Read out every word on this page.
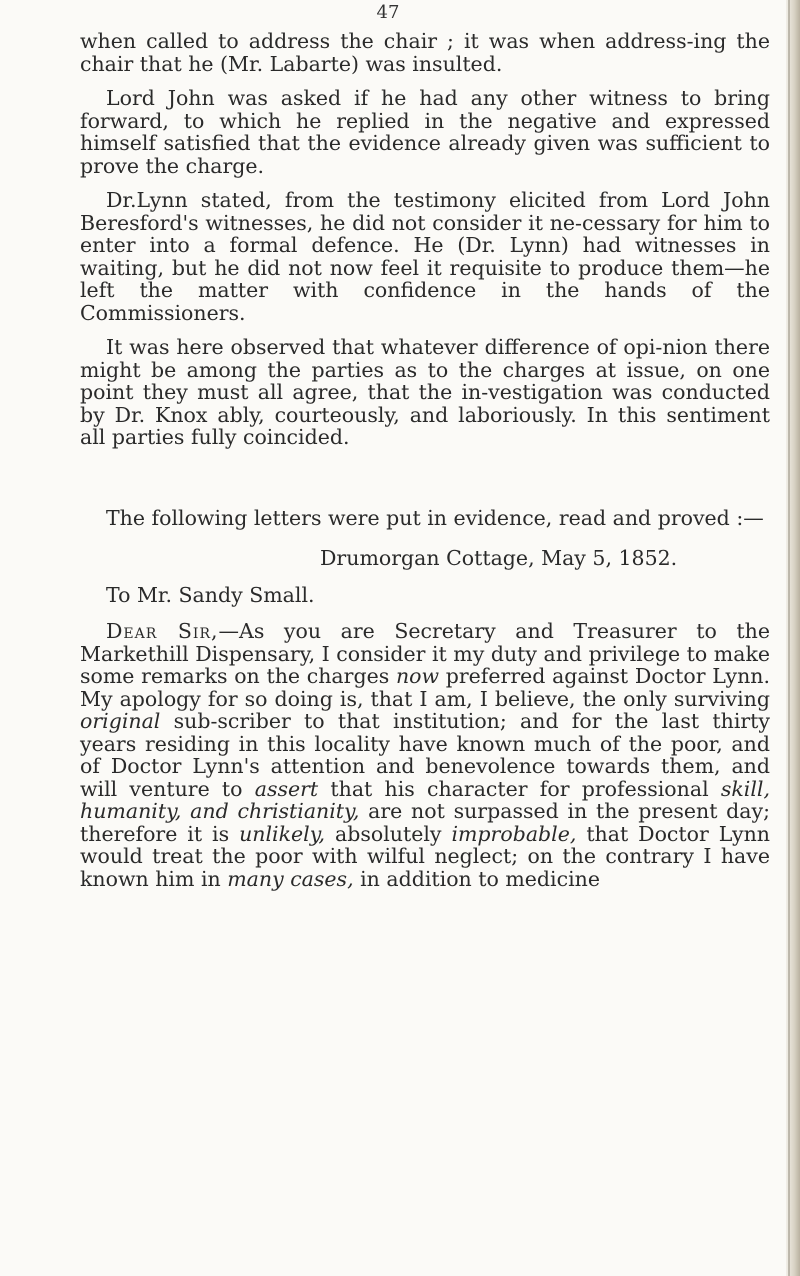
47

when called to address the chair ; it was when address-ing the chair that he (Mr. Labarte) was insulted.

Lord John was asked if he had any other witness to bring forward, to which he replied in the negative and expressed himself satisfied that the evidence already given was sufficient to prove the charge.

Dr.Lynn stated, from the testimony elicited from Lord John Beresford's witnesses, he did not consider it ne-cessary for him to enter into a formal defence. He (Dr. Lynn) had witnesses in waiting, but he did not now feel it requisite to produce them—he left the matter with confidence in the hands of the Commissioners.

It was here observed that whatever difference of opi-nion there might be among the parties as to the charges at issue, on one point they must all agree, that the in-vestigation was conducted by Dr. Knox ably, courteously, and laboriously. In this sentiment all parties fully coincided.

The following letters were put in evidence, read and proved :—

Drumorgan Cottage, May 5, 1852.

To Mr. Sandy Small.

Dear Sir,—As you are Secretary and Treasurer to the Markethill Dispensary, I consider it my duty and privilege to make some remarks on the charges now preferred against Doctor Lynn. My apology for so doing is, that I am, I believe, the only surviving original sub-scriber to that institution; and for the last thirty years residing in this locality have known much of the poor, and of Doctor Lynn's attention and benevolence towards them, and will venture to assert that his character for professional skill, humanity, and christianity, are not surpassed in the present day; therefore it is unlikely, absolutely improbable, that Doctor Lynn would treat the poor with wilful neglect; on the contrary I have known him in many cases, in addition to medicine
